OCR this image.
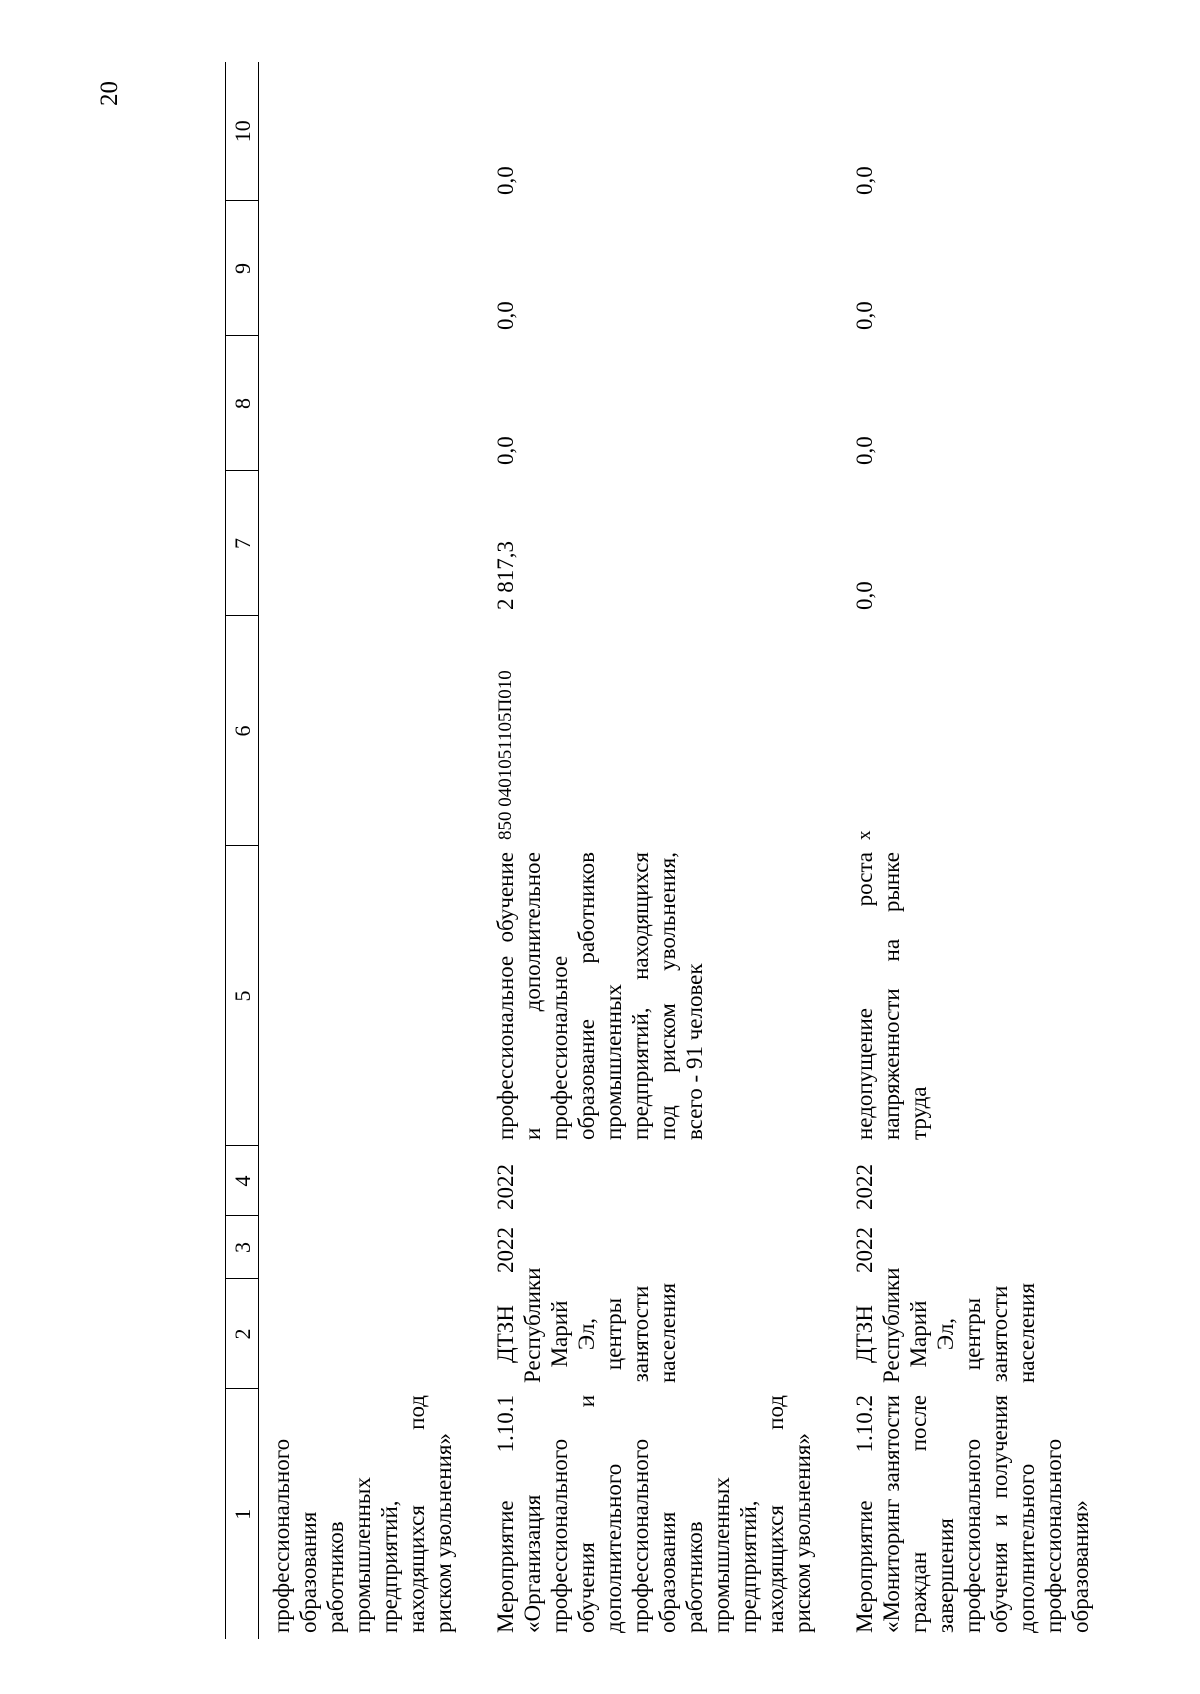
20
1	2	3	4	5	6	7	8	9	10
профессионального образования работников промышленных предприятий, находящихся под риском увольнения»									
Мероприятие 1.10.1 «Организация профессионального обучения и дополнительного профессионального образования работников промышленных предприятий, находящихся под риском увольнения»	ДТЗН Республики Марий Эл, центры занятости населения	2022	2022	профессиональное обучение и дополнительное профессиональное образование работников промышленных предприятий, находящихся под риском увольнения, всего - 91 человек	850 0401051105П010	2 817,3	0,0	0,0	0,0
Мероприятие 1.10.2 «Мониторинг занятости граждан после завершения профессионального обучения и получения дополнительного профессионального образования»	ДТЗН Республики Марий Эл, центры занятости населения	2022	2022	недопущение роста напряженности на рынке труда	х	0,0	0,0	0,0	0,0
